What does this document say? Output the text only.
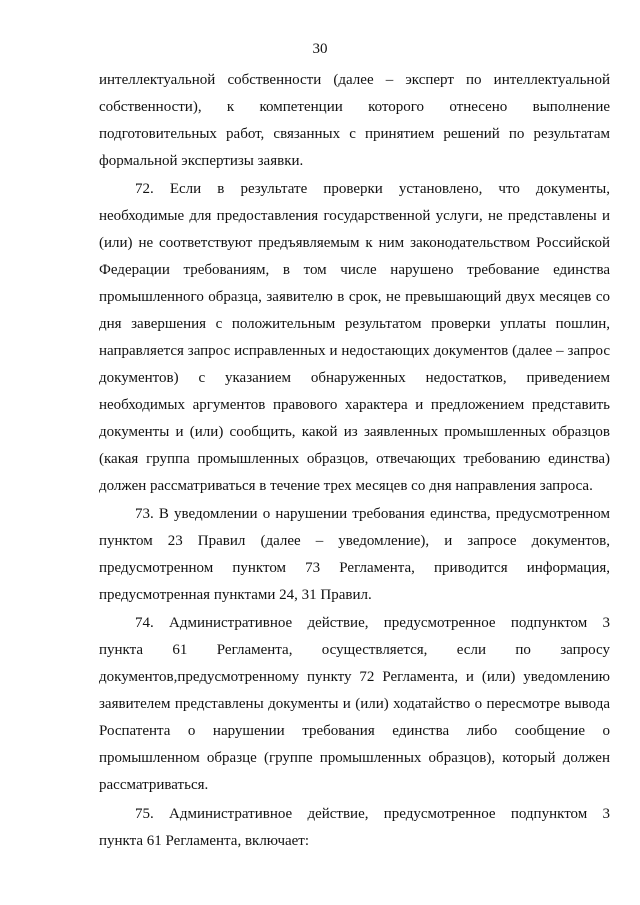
30
интеллектуальной собственности (далее – эксперт по интеллектуальной
собственности), к компетенции которого отнесено выполнение
подготовительных работ, связанных с принятием решений по результатам
формальной экспертизы заявки.
72. Если в результате проверки установлено, что документы,
необходимые для предоставления государственной услуги, не представлены и
(или) не соответствуют предъявляемым к ним законодательством Российской
Федерации требованиям, в том числе нарушено требование единства
промышленного образца, заявителю в срок, не превышающий двух месяцев со
дня завершения с положительным результатом проверки уплаты пошлин,
направляется запрос исправленных и недостающих документов (далее – запрос
документов) с указанием обнаруженных недостатков, приведением
необходимых аргументов правового характера и предложением представить
документы и (или) сообщить, какой из заявленных промышленных образцов
(какая группа промышленных образцов, отвечающих требованию единства)
должен рассматриваться в течение трех месяцев со дня направления запроса.
73. В уведомлении о нарушении требования единства, предусмотренном
пунктом 23 Правил (далее – уведомление), и запросе документов,
предусмотренном пунктом 73 Регламента, приводится информация,
предусмотренная пунктами 24, 31 Правил.
74. Административное действие, предусмотренное подпунктом 3
пункта 61 Регламента, осуществляется, если по запросу
документов,предусмотренному пункту 72 Регламента, и (или) уведомлению
заявителем представлены документы и (или) ходатайство о пересмотре вывода
Роспатента о нарушении требования единства либо сообщение о
промышленном образце (группе промышленных образцов), который должен
рассматриваться.
75. Административное действие, предусмотренное подпунктом 3
пункта 61 Регламента, включает:
